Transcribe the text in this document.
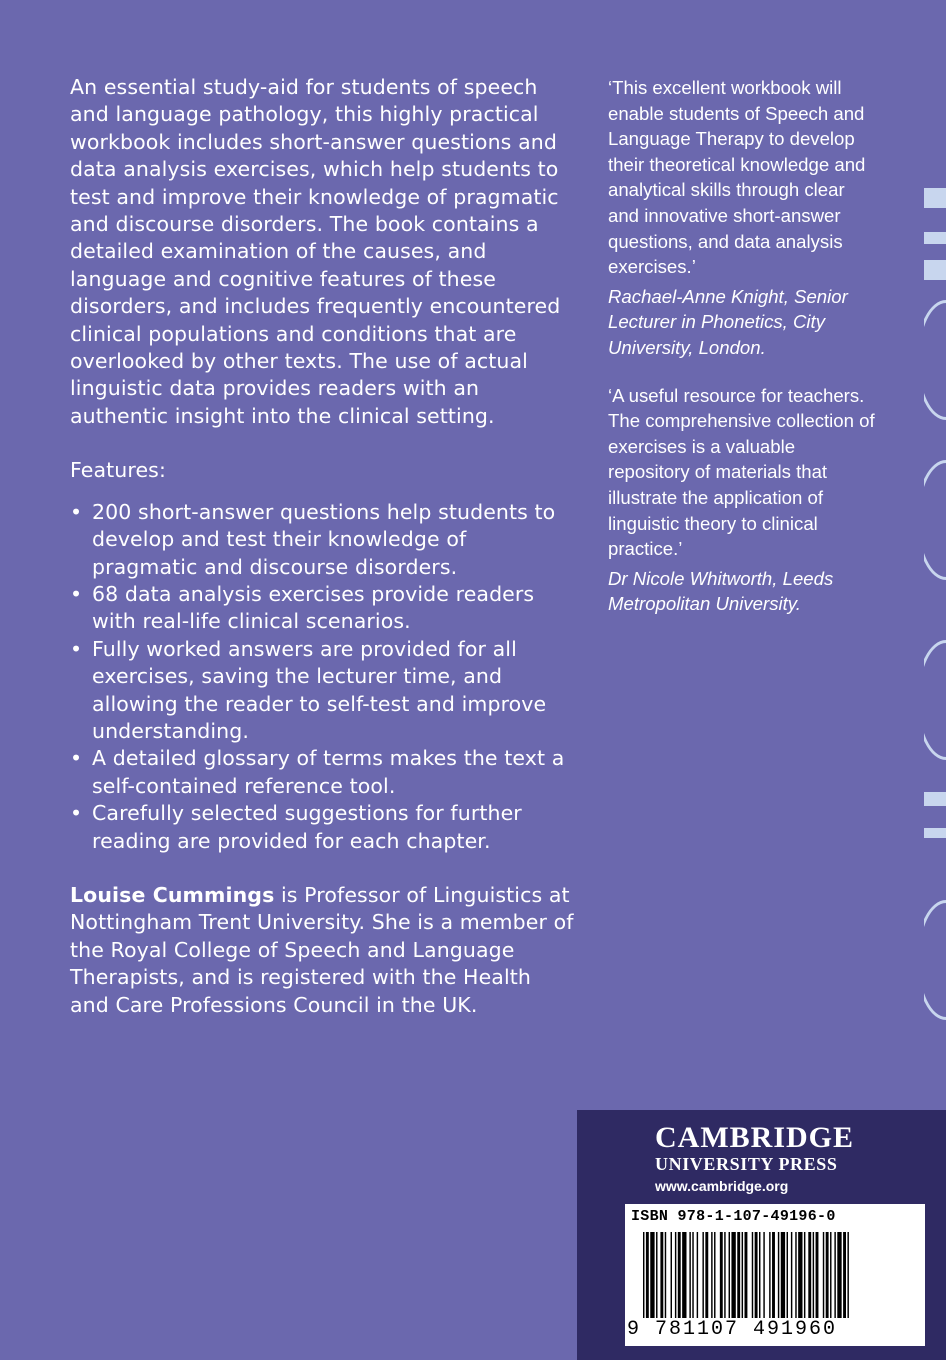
An essential study-aid for students of speech and language pathology, this highly practical workbook includes short-answer questions and data analysis exercises, which help students to test and improve their knowledge of pragmatic and discourse disorders. The book contains a detailed examination of the causes, and language and cognitive features of these disorders, and includes frequently encountered clinical populations and conditions that are overlooked by other texts. The use of actual linguistic data provides readers with an authentic insight into the clinical setting.

Features:

• 200 short-answer questions help students to develop and test their knowledge of pragmatic and discourse disorders.
• 68 data analysis exercises provide readers with real-life clinical scenarios.
• Fully worked answers are provided for all exercises, saving the lecturer time, and allowing the reader to self-test and improve understanding.
• A detailed glossary of terms makes the text a self-contained reference tool.
• Carefully selected suggestions for further reading are provided for each chapter.

Louise Cummings is Professor of Linguistics at Nottingham Trent University. She is a member of the Royal College of Speech and Language Therapists, and is registered with the Health and Care Professions Council in the UK.

‘This excellent workbook will enable students of Speech and Language Therapy to develop their theoretical knowledge and analytical skills through clear and innovative short-answer questions, and data analysis exercises.’

Rachael-Anne Knight, Senior Lecturer in Phonetics, City University, London.

‘A useful resource for teachers. The comprehensive collection of exercises is a valuable repository of materials that illustrate the application of linguistic theory to clinical practice.’

Dr Nicole Whitworth, Leeds Metropolitan University.

CAMBRIDGE
UNIVERSITY PRESS
www.cambridge.org
ISBN 978-1-107-49196-0
9 781107 491960
